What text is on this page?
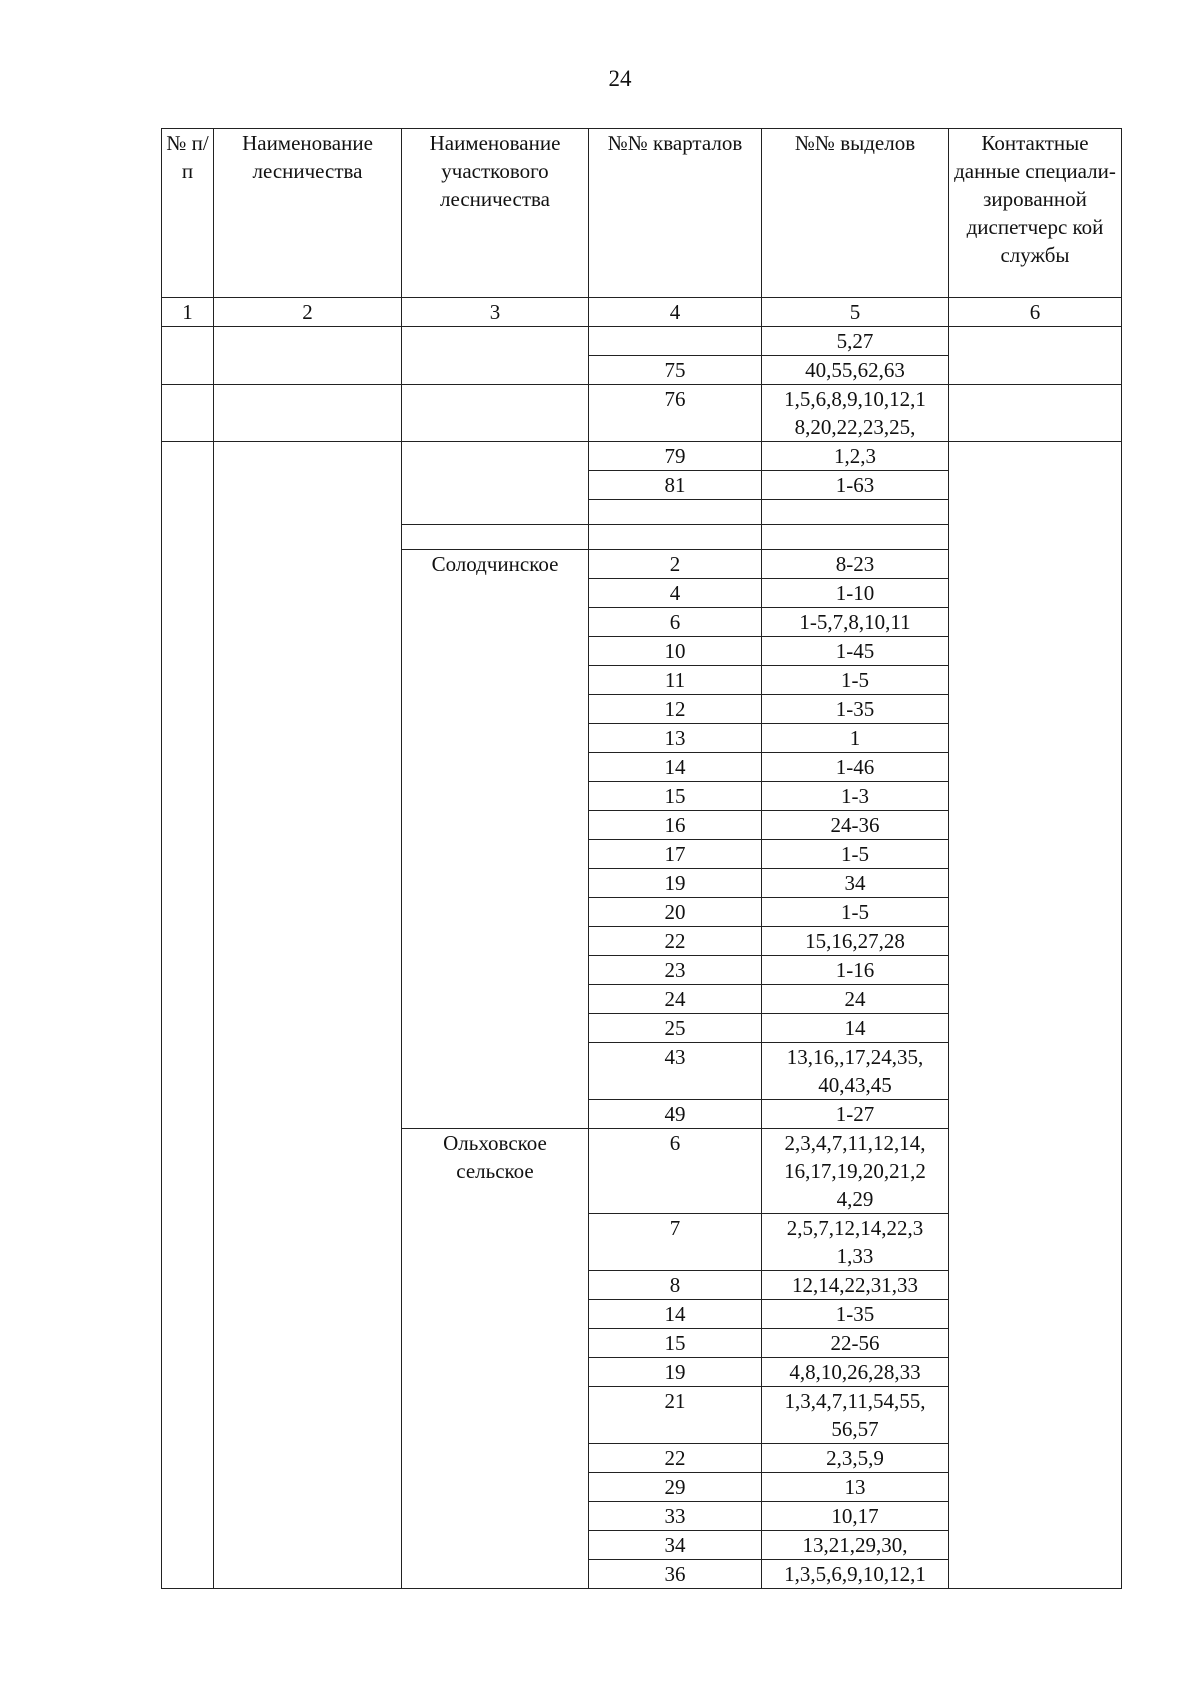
24
№ п/п	Наименование лесничества	Наименование участкового лесничества	№№ кварталов	№№ выделов	Контактные данные специали-зированной диспетчерс кой службы
1	2	3	4	5	6
				5,27	
			75	40,55,62,63	
			76	1,5,6,8,9,10,12,1 8,20,22,23,25,	
			79	1,2,3	
			81	1-63	

		Солодчинское	2	8-23	
			4	1-10	
			6	1-5,7,8,10,11	
			10	1-45	
			11	1-5	
			12	1-35	
			13	1	
			14	1-46	
			15	1-3	
			16	24-36	
			17	1-5	
			19	34	
			20	1-5	
			22	15,16,27,28	
			23	1-16	
			24	24	
			25	14	
			43	13,16,,17,24,35, 40,43,45	
			49	1-27	
		Ольховское сельское	6	2,3,4,7,11,12,14, 16,17,19,20,21,2 4,29	
			7	2,5,7,12,14,22,3 1,33	
			8	12,14,22,31,33	
			14	1-35	
			15	22-56	
			19	4,8,10,26,28,33	
			21	1,3,4,7,11,54,55, 56,57	
			22	2,3,5,9	
			29	13	
			33	10,17	
			34	13,21,29,30,	
			36	1,3,5,6,9,10,12,1	
